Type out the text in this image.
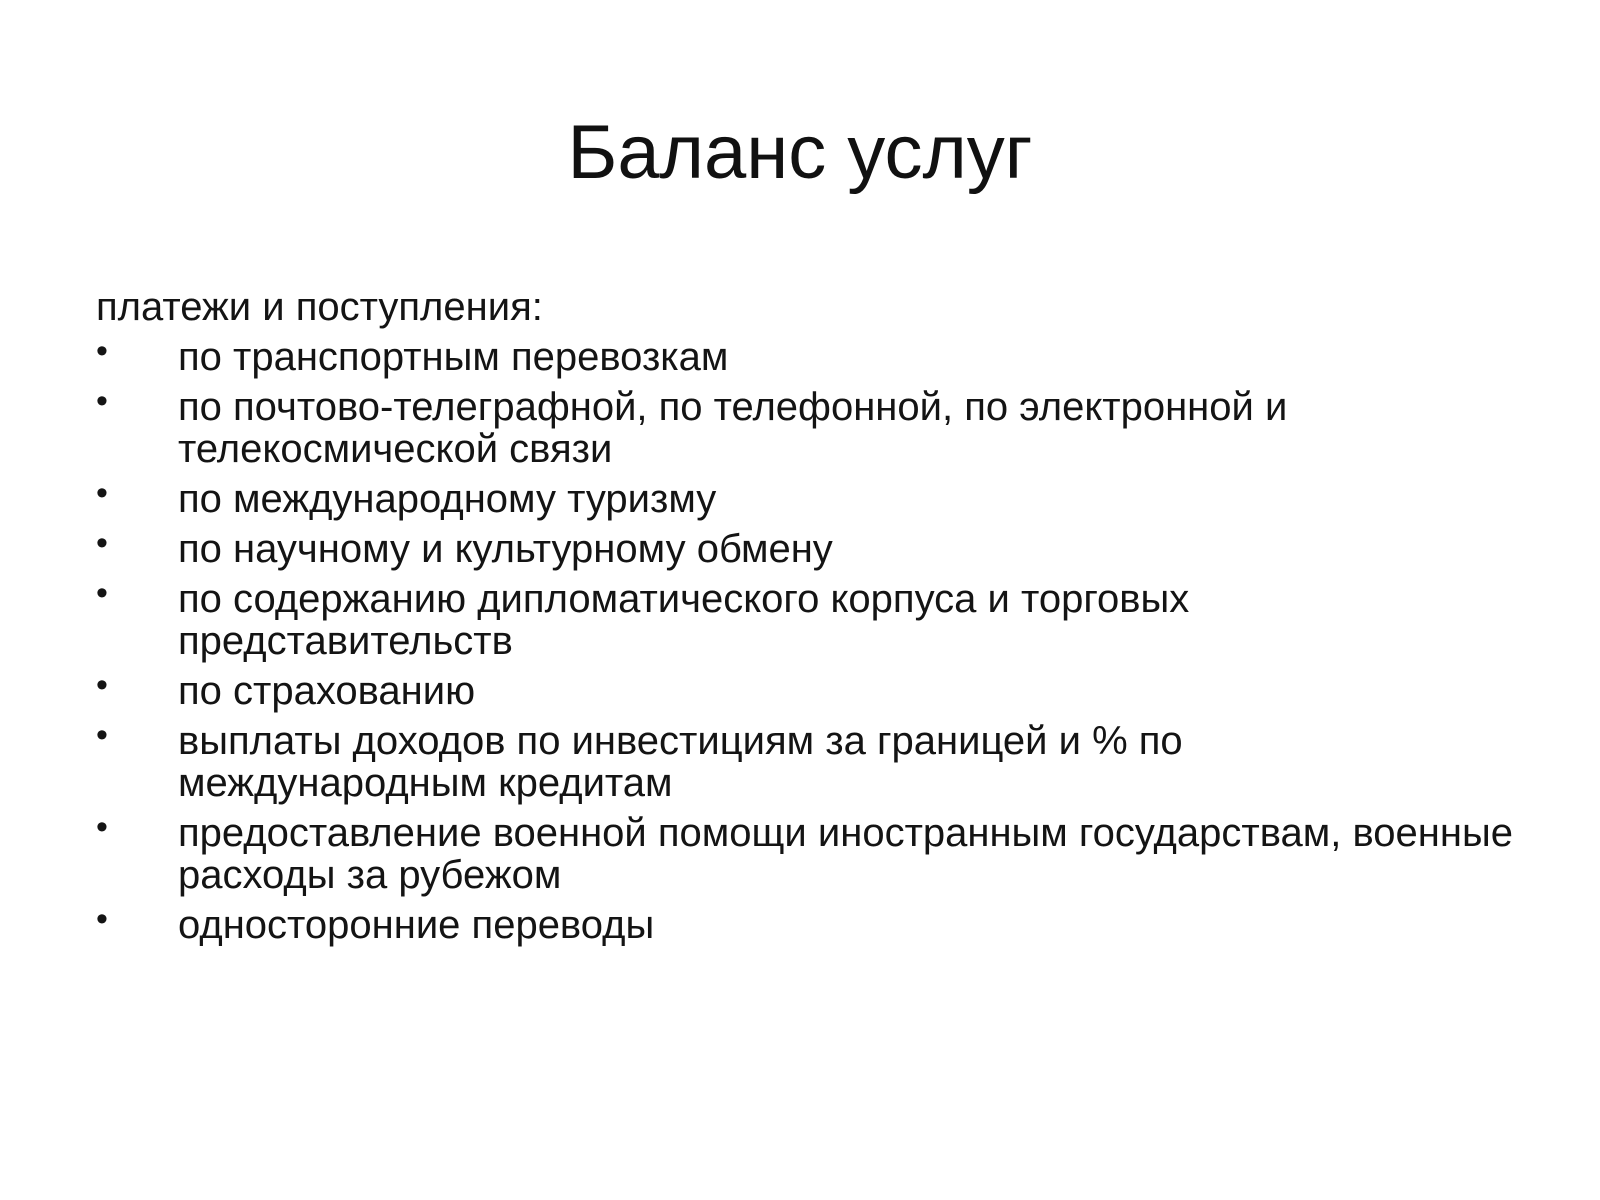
Баланс услуг

платежи и поступления:

• по транспортным перевозкам
• по почтово-телеграфной, по телефонной, по электронной и телекосмической связи
• по международному туризму
• по научному и культурному обмену
• по содержанию дипломатического корпуса и торговых представительств
• по страхованию
• выплаты доходов по инвестициям за границей и % по международным кредитам
• предоставление военной помощи иностранным государствам, военные расходы за рубежом
• односторонние переводы
